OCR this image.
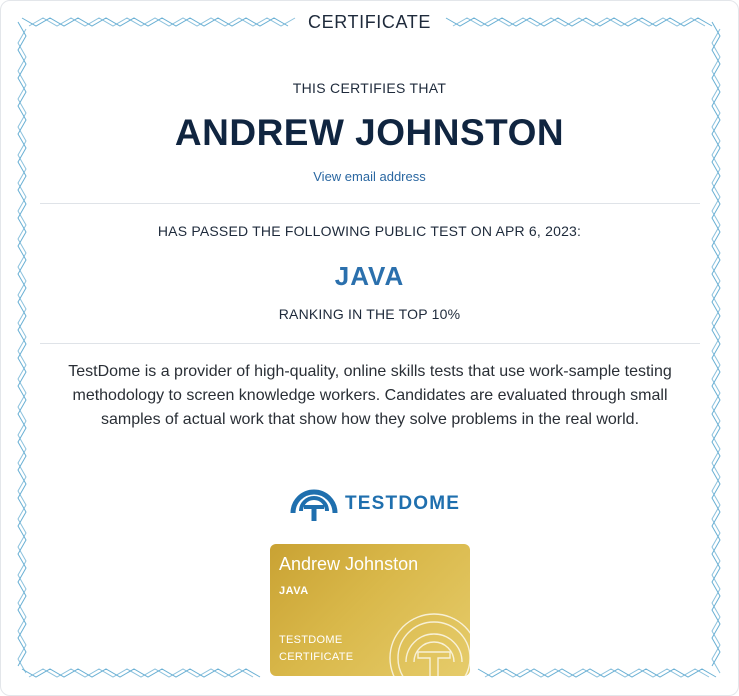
CERTIFICATE
THIS CERTIFIES THAT
ANDREW JOHNSTON
View email address
HAS PASSED THE FOLLOWING PUBLIC TEST ON APR 6, 2023:
JAVA
RANKING IN THE TOP 10%
TestDome is a provider of high-quality, online skills tests that use work-sample testing methodology to screen knowledge workers. Candidates are evaluated through small samples of actual work that show how they solve problems in the real world.
TESTDOME
Andrew Johnston
JAVA
TESTDOME CERTIFICATE
